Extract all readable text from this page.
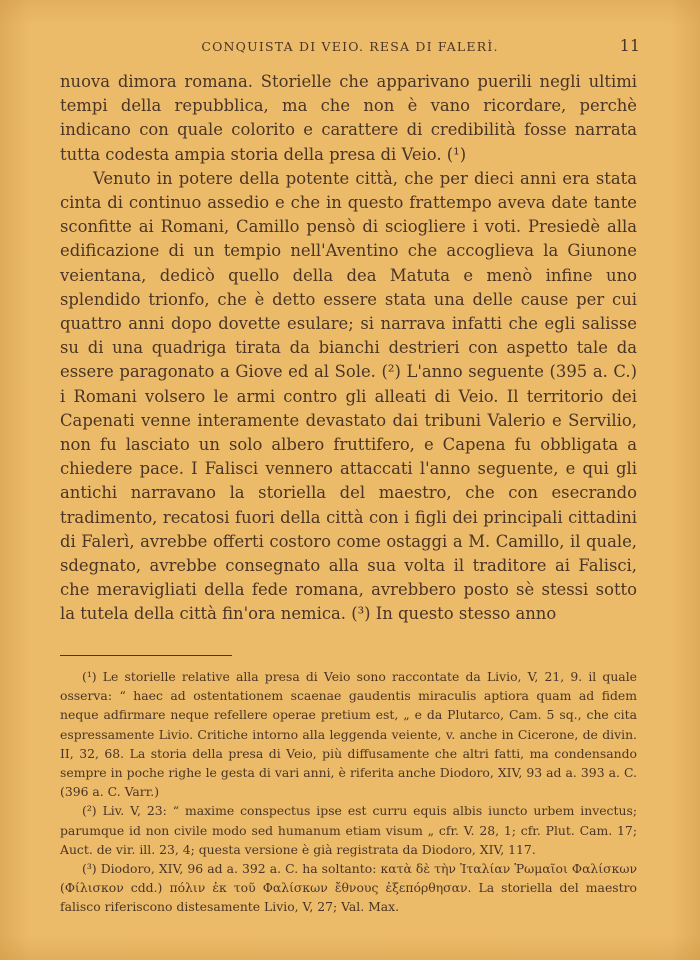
CONQUISTA DI VEIO. RESA DI FALERÌ.	11

nuova dimora romana. Storielle che apparivano puerili negli ultimi tempi della repubblica, ma che non è vano ricordare, perchè indicano con quale colorito e carattere di credibilità fosse narrata tutta codesta ampia storia della presa di Veio. (¹)

Venuto in potere della potente città, che per dieci anni era stata cinta di continuo assedio e che in questo frattempo aveva date tante sconfitte ai Romani, Camillo pensò di sciogliere i voti. Presiedè alla edificazione di un tempio nell'Aventino che accoglieva la Giunone veientana, dedicò quello della dea Matuta e menò infine uno splendido trionfo, che è detto essere stata una delle cause per cui quattro anni dopo dovette esulare; si narrava infatti che egli salisse su di una quadriga tirata da bianchi destrieri con aspetto tale da essere paragonato a Giove ed al Sole. (²) L'anno seguente (395 a. C.) i Romani volsero le armi contro gli alleati di Veio. Il territorio dei Capenati venne interamente devastato dai tribuni Valerio e Servilio, non fu lasciato un solo albero fruttifero, e Capena fu obbligata a chiedere pace. I Falisci vennero attaccati l'anno seguente, e qui gli antichi narravano la storiella del maestro, che con esecrando tradimento, recatosi fuori della città con i figli dei principali cittadini di Falerì, avrebbe offerti costoro come ostaggi a M. Camillo, il quale, sdegnato, avrebbe consegnato alla sua volta il traditore ai Falisci, che meravigliati della fede romana, avrebbero posto sè stessi sotto la tutela della città fin'ora nemica. (³) In questo stesso anno

(¹) Le storielle relative alla presa di Veio sono raccontate da Livio, V, 21, 9. il quale osserva: “ haec ad ostentationem scaenae gaudentis miraculis aptiora quam ad fidem neque adfirmare neque refellere operae pretium est, „ e da Plutarco, Cam. 5 sq., che cita espressamente Livio. Critiche intorno alla leggenda veiente, v. anche in Cicerone, de divin. II, 32, 68. La storia della presa di Veio, più diffusamente che altri fatti, ma condensando sempre in poche righe le gesta di vari anni, è riferita anche Diodoro, XIV, 93 ad a. 393 a. C. (396 a. C. Varr.)

(²) Liv. V, 23: “ maxime conspectus ipse est curru equis albis iuncto urbem invectus; parumque id non civile modo sed humanum etiam visum „ cfr. V. 28, 1; cfr. Plut. Cam. 17; Auct. de vir. ill. 23, 4; questa versione è già registrata da Diodoro, XIV, 117.

(³) Diodoro, XIV, 96 ad a. 392 a. C. ha soltanto: κατὰ δὲ τὴν Ἰταλίαν Ῥωμαῖοι Φαλίσκων (Φίλισκον cdd.) πόλιν ἐκ τοῦ Φαλίσκων ἔθνους ἐξεπόρθησαν. La storiella del maestro falisco riferiscono distesamente Livio, V, 27; Val. Max.
